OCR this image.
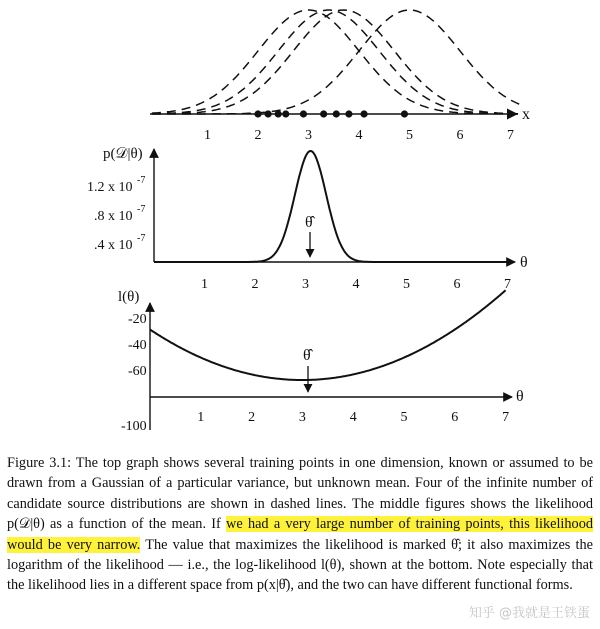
x
1	2	3	4	5	6	7
p(𝒟|θ)
1.2 x 10 -7
.8 x 10 -7
.4 x 10 -7
θ̂
θ
1	2	3	4	5	6	7
l(θ)
-20
-40
-60
-100
θ̂
θ
1	2	3	4	5	6	7

Figure 3.1: The top graph shows several training points in one dimension, known or assumed to be drawn from a Gaussian of a particular variance, but unknown mean. Four of the infinite number of candidate source distributions are shown in dashed lines. The middle figures shows the likelihood p(𝒟|θ) as a function of the mean. If we had a very large number of training points, this likelihood would be very narrow. The value that maximizes the likelihood is marked θ̂; it also maximizes the logarithm of the likelihood — i.e., the log-likelihood l(θ), shown at the bottom. Note especially that the likelihood lies in a different space from p(x|θ̂), and the two can have different functional forms.

知乎 @我就是王铁蛋
